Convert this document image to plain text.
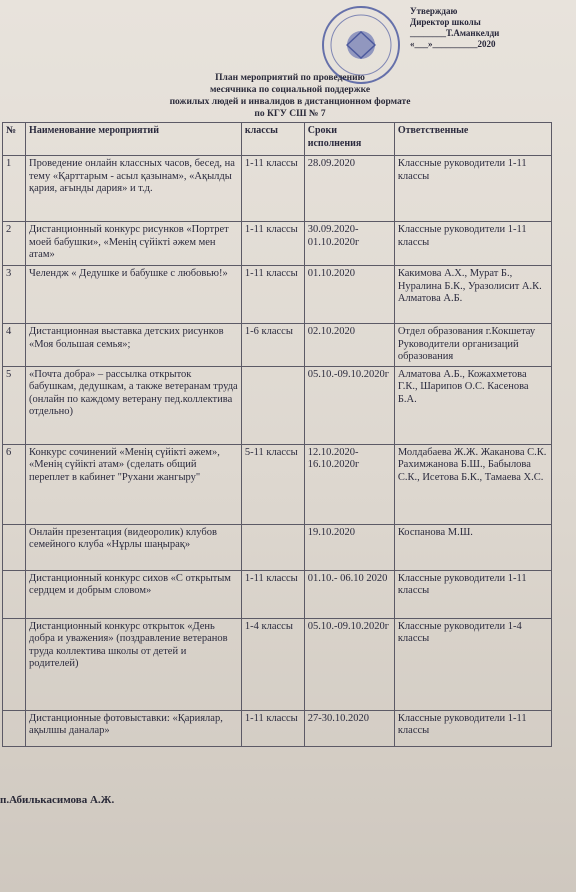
Утверждаю
Директор школы
________Т.Аманкелди
«___»__________2020
План мероприятий по проведению
месячника по социальной поддержке
пожилых людей и инвалидов в дистанционном формате
по КГУ СШ № 7
№	Наименование мероприятий	классы	Сроки исполнения	Ответственные
1	Проведение онлайн классных часов, бесед, на тему «Қарттарым - асыл қазынам», «Ақылды қария, ағынды дария» и т.д.	1-11 классы	28.09.2020	Классные руководители 1-11 классы
2	Дистанционный конкурс рисунков «Портрет моей бабушки», «Менің сүйікті әжем мен атам»	1-11 классы	30.09.2020-01.10.2020г	Классные руководители 1-11 классы
3	Челендж « Дедушке и бабушке с любовью!»	1-11 классы	01.10.2020	Какимова А.Х., Мурат Б., Нуралина Б.К., Уразолисит А.К. Алматова А.Б.
4	Дистанционная выставка детских рисунков «Моя большая семья»;	1-6 классы	02.10.2020	Отдел образования г.Кокшетау Руководители организаций образования
5	«Почта добра» – рассылка открыток бабушкам, дедушкам, а также ветеранам труда (онлайн по каждому ветерану пед.коллектива отдельно)		05.10.-09.10.2020г	Алматова А.Б., Кожахметова Г.К., Шарипов О.С. Касенова Б.А.
6	Конкурс сочинений «Менің сүйікті әжем», «Менің сүйікті атам» (сделать общий переплет в кабинет "Рухани жангыру"	5-11 классы	12.10.2020-16.10.2020г	Молдабаева Ж.Ж. Жаканова С.К. Рахимжанова Б.Ш., Бабылова С.К., Исетова Б.К., Тамаева Х.С.
	Онлайн презентация (видеоролик) клубов семейного клуба «Нұрлы шаңырақ»		19.10.2020	Коспанова М.Ш.
	Дистанционный конкурс сихов «С открытым сердцем и добрым словом»	1-11 классы	01.10.- 06.10 2020	Классные руководители 1-11 классы
	Дистанционный конкурс открыток «День добра и уважения» (поздравление ветеранов труда коллектива школы от детей и родителей)	1-4 классы	05.10.-09.10.2020г	Классные руководители 1-4 классы
	Дистанционные фотовыставки: «Қариялар, ақылшы даналар»	1-11 классы	27-30.10.2020	Классные руководители 1-11 классы
п.Абилькасимова А.Ж.
